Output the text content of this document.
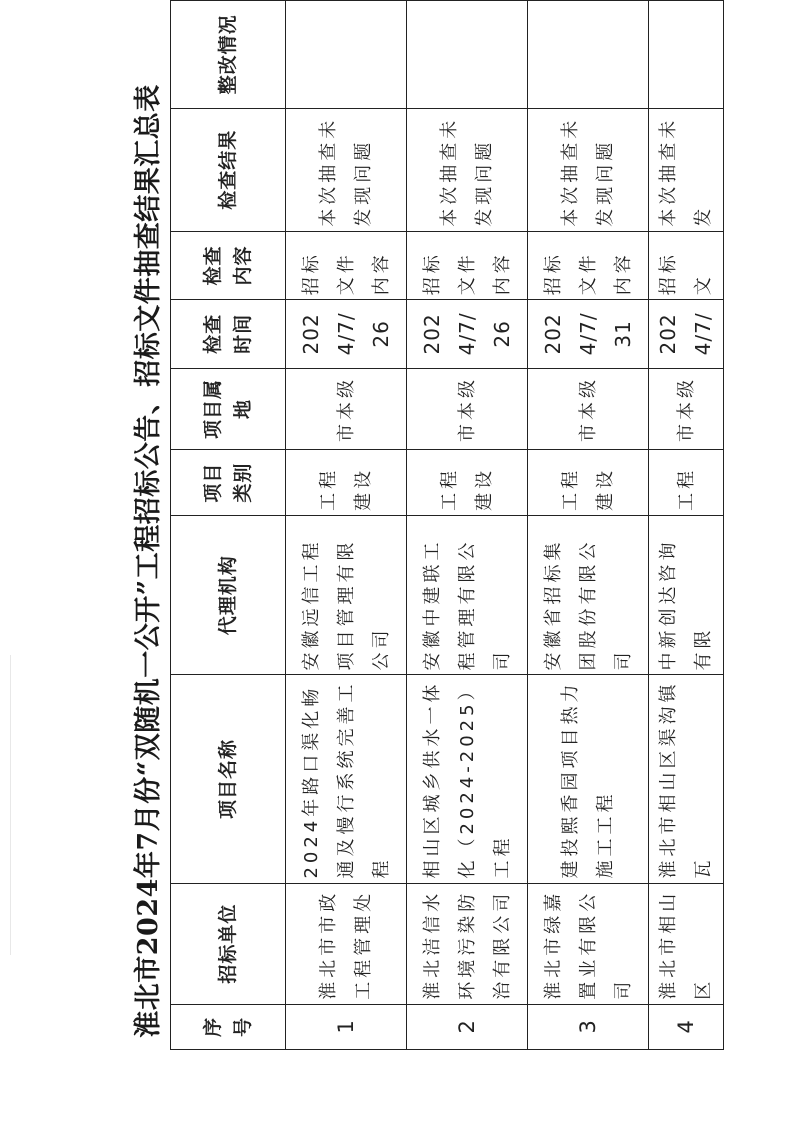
淮北市2024年7月份“双随机一公开”工程招标公告、招标文件抽查结果汇总表 序号	招标单位	项目名称	代理机构	项目类别	项目属地	检查时间	检查内容	检查结果	整改情况
1	淮北市市政工程管理处	2024年路口渠化畅通及慢行系统完善工程	安徽远信工程项目管理有限公司	工程建设	市本级	2024/7/ 26	招标文件内容	本次抽查未发现问题	
2	淮北洁信水环境污染防治有限公司	相山区城乡供水一体化（2024-2025）工程	安徽中建联工程管理有限公司	工程建设	市本级	2024/7/ 26	招标文件内容	本次抽查未发现问题	
3	淮北市绿嘉置业有限公司	建投熙香园项目热力施工工程	安徽省招标集团股份有限公司	工程建设	市本级	2024/7/ 31	招标文件内容	本次抽查未发现问题	
4	淮北市相山区	淮北市相山区渠沟镇瓦	中新创达咨询有限	工程	市本级	2024/7/	招标文	本次抽查未发	
